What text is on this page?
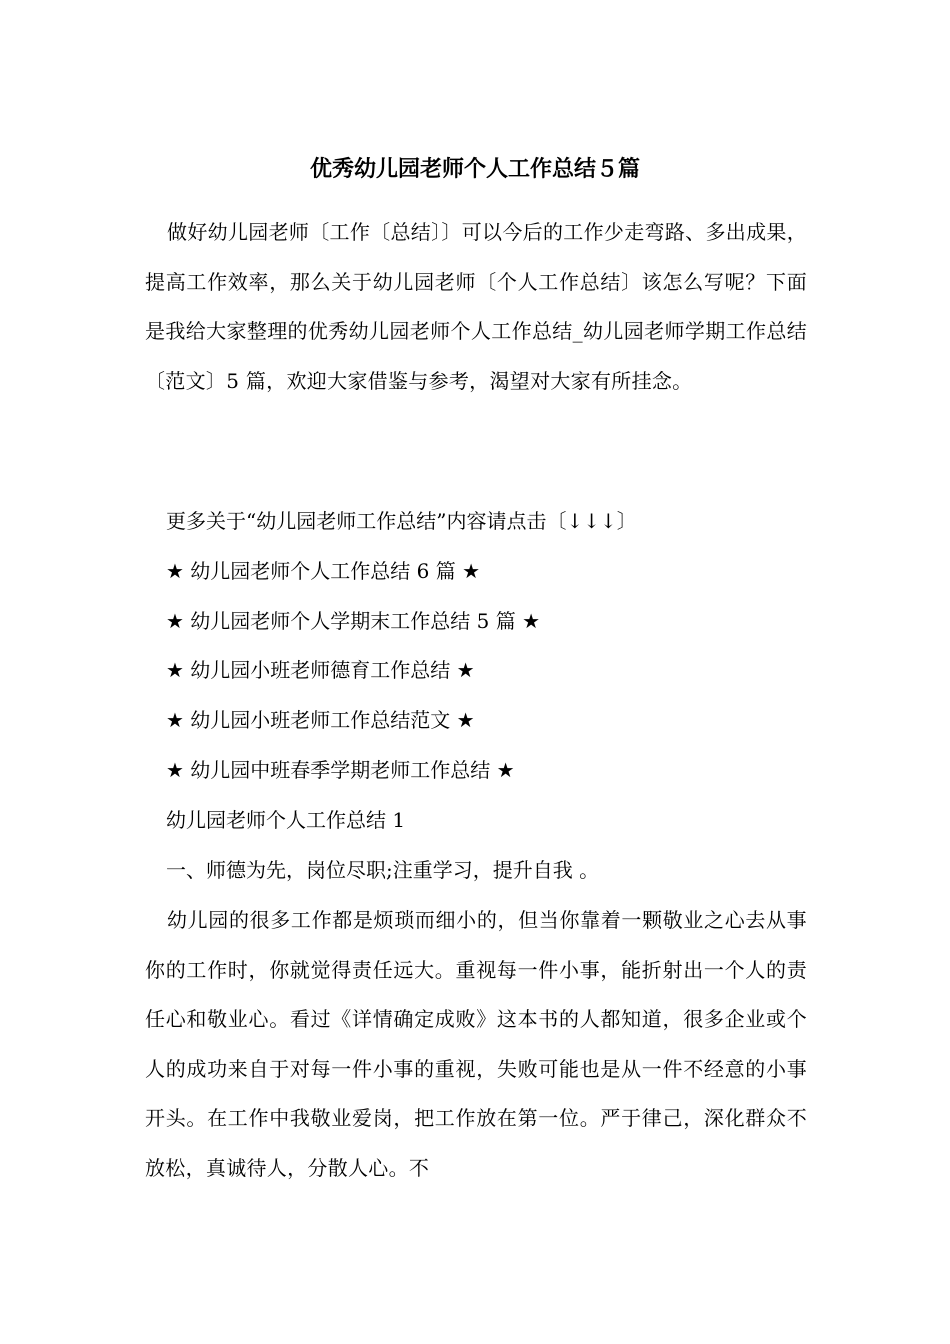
优秀幼儿园老师个人工作总结５篇

做好幼儿园老师〔工作〔总结〕〕可以今后的工作少走弯路、多出成果，提高工作效率，那么关于幼儿园老师〔个人工作总结〕该怎么写呢？下面是我给大家整理的优秀幼儿园老师个人工作总结_幼儿园老师学期工作总结〔范文〕5 篇，欢迎大家借鉴与参考，渴望对大家有所挂念。

更多关于“幼儿园老师工作总结”内容请点击〔↓↓↓〕

★ 幼儿园老师个人工作总结 6 篇 ★

★ 幼儿园老师个人学期末工作总结 5 篇 ★

★ 幼儿园小班老师德育工作总结 ★

★ 幼儿园小班老师工作总结范文 ★

★ 幼儿园中班春季学期老师工作总结 ★

幼儿园老师个人工作总结 1

一、师德为先，岗位尽职;注重学习，提升自我 。

幼儿园的很多工作都是烦琐而细小的，但当你靠着一颗敬业之心去从事你的工作时，你就觉得责任远大。重视每一件小事，能折射出一个人的责任心和敬业心。看过《详情确定成败》这本书的人都知道，很多企业或个人的成功来自于对每一件小事的重视，失败可能也是从一件不经意的小事开头。在工作中我敬业爱岗，把工作放在第一位。严于律己，深化群众不放松，真诚待人，分散人心。不
